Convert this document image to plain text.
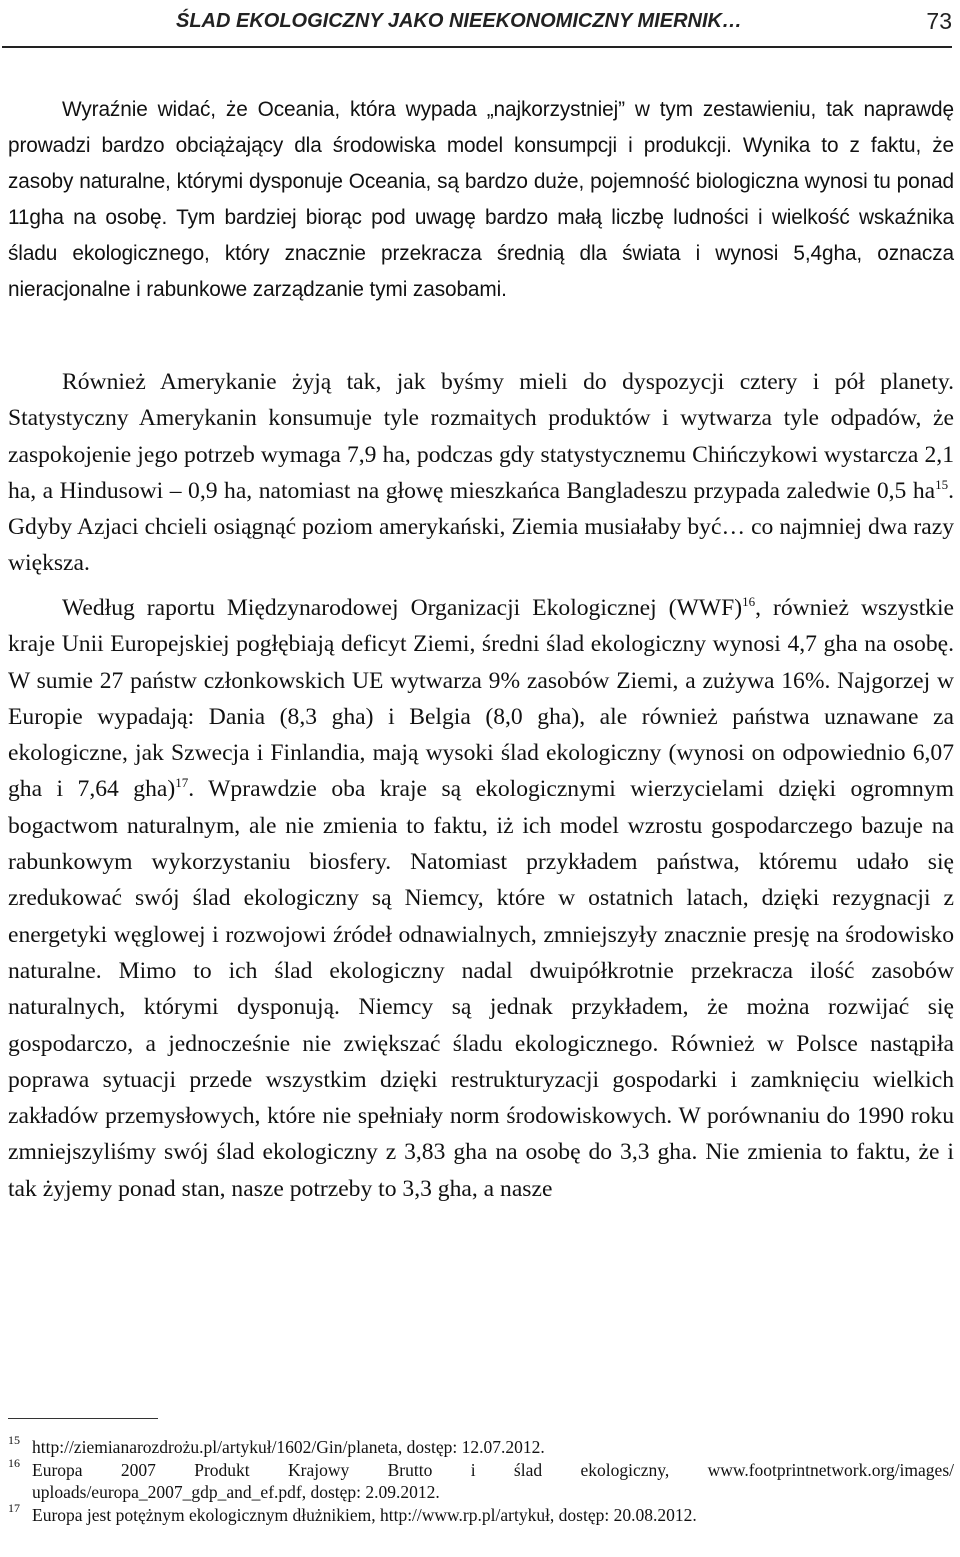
ŚLAD EKOLOGICZNY JAKO NIEEKONOMICZNY MIERNIK…	73

Wyraźnie widać, że Oceania, która wypada „najkorzystniej” w tym zestawieniu, tak naprawdę prowadzi bardzo obciążający dla środowiska model konsumpcji i produkcji. Wynika to z faktu, że zasoby naturalne, którymi dysponuje Oceania, są bardzo duże, pojemność biologiczna wynosi tu ponad 11gha na osobę. Tym bardziej biorąc pod uwagę bardzo małą liczbę ludności i wielkość wskaźnika śladu ekologicznego, który znacznie przekracza średnią dla świata i wynosi 5,4gha, oznacza nieracjonalne i rabunkowe zarządzanie tymi zasobami.

Również Amerykanie żyją tak, jak byśmy mieli do dyspozycji cztery i pół planety. Statystyczny Amerykanin konsumuje tyle rozmaitych produktów i wytwarza tyle odpadów, że zaspokojenie jego potrzeb wymaga 7,9 ha, podczas gdy statystycznemu Chińczykowi wystarcza 2,1 ha, a Hindusowi – 0,9 ha, natomiast na głowę mieszkańca Bangladeszu przypada zaledwie 0,5 $ha^{15}$. Gdyby Azjaci chcieli osiągnąć poziom amerykański, Ziemia musiałaby być… co najmniej dwa razy większa.

Według raportu Międzynarodowej Organizacji Ekologicznej (WWF)$^{16}$, również wszystkie kraje Unii Europejskiej pogłębiają deficyt Ziemi, średni ślad ekologiczny wynosi 4,7 gha na osobę. W sumie 27 państw członkowskich UE wytwarza 9% zasobów Ziemi, a zużywa 16%. Najgorzej w Europie wypadają: Dania (8,3 gha) i Belgia (8,0 gha), ale również państwa uznawane za ekologiczne, jak Szwecja i Finlandia, mają wysoki ślad ekologiczny (wynosi on odpowiednio 6,07 gha i 7,64 gha)$^{17}$. Wprawdzie oba kraje są ekologicznymi wierzycielami dzięki ogromnym bogactwom naturalnym, ale nie zmienia to faktu, iż ich model wzrostu gospodarczego bazuje na rabunkowym wykorzystaniu biosfery. Natomiast przykładem państwa, któremu udało się zredukować swój ślad ekologiczny są Niemcy, które w ostatnich latach, dzięki rezygnacji z energetyki węglowej i rozwojowi źródeł odnawialnych, zmniejszyły znacznie presję na środowisko naturalne. Mimo to ich ślad ekologiczny nadal dwuipółkrotnie przekracza ilość zasobów naturalnych, którymi dysponują. Niemcy są jednak przykładem, że można rozwijać się gospodarczo, a jednocześnie nie zwiększać śladu ekologicznego. Również w Polsce nastąpiła poprawa sytuacji przede wszystkim dzięki restrukturyzacji gospodarki i zamknięciu wielkich zakładów przemysłowych, które nie spełniały norm środowiskowych. W porównaniu do 1990 roku zmniejszyliśmy swój ślad ekologiczny z 3,83 gha na osobę do 3,3 gha. Nie zmienia to faktu, że i tak żyjemy ponad stan, nasze potrzeby to 3,3 gha, a nasze

15 http://ziemianarozdrożu.pl/artykuł/1602/Gin/planeta, dostęp: 12.07.2012.
16 Europa 2007 Produkt Krajowy Brutto i ślad ekologiczny, www.footprintnetwork.org/images/ uploads/europa_2007_gdp_and_ef.pdf, dostęp: 2.09.2012.
17 Europa jest potężnym ekologicznym dłużnikiem, http://www.rp.pl/artykuł, dostęp: 20.08.2012.
